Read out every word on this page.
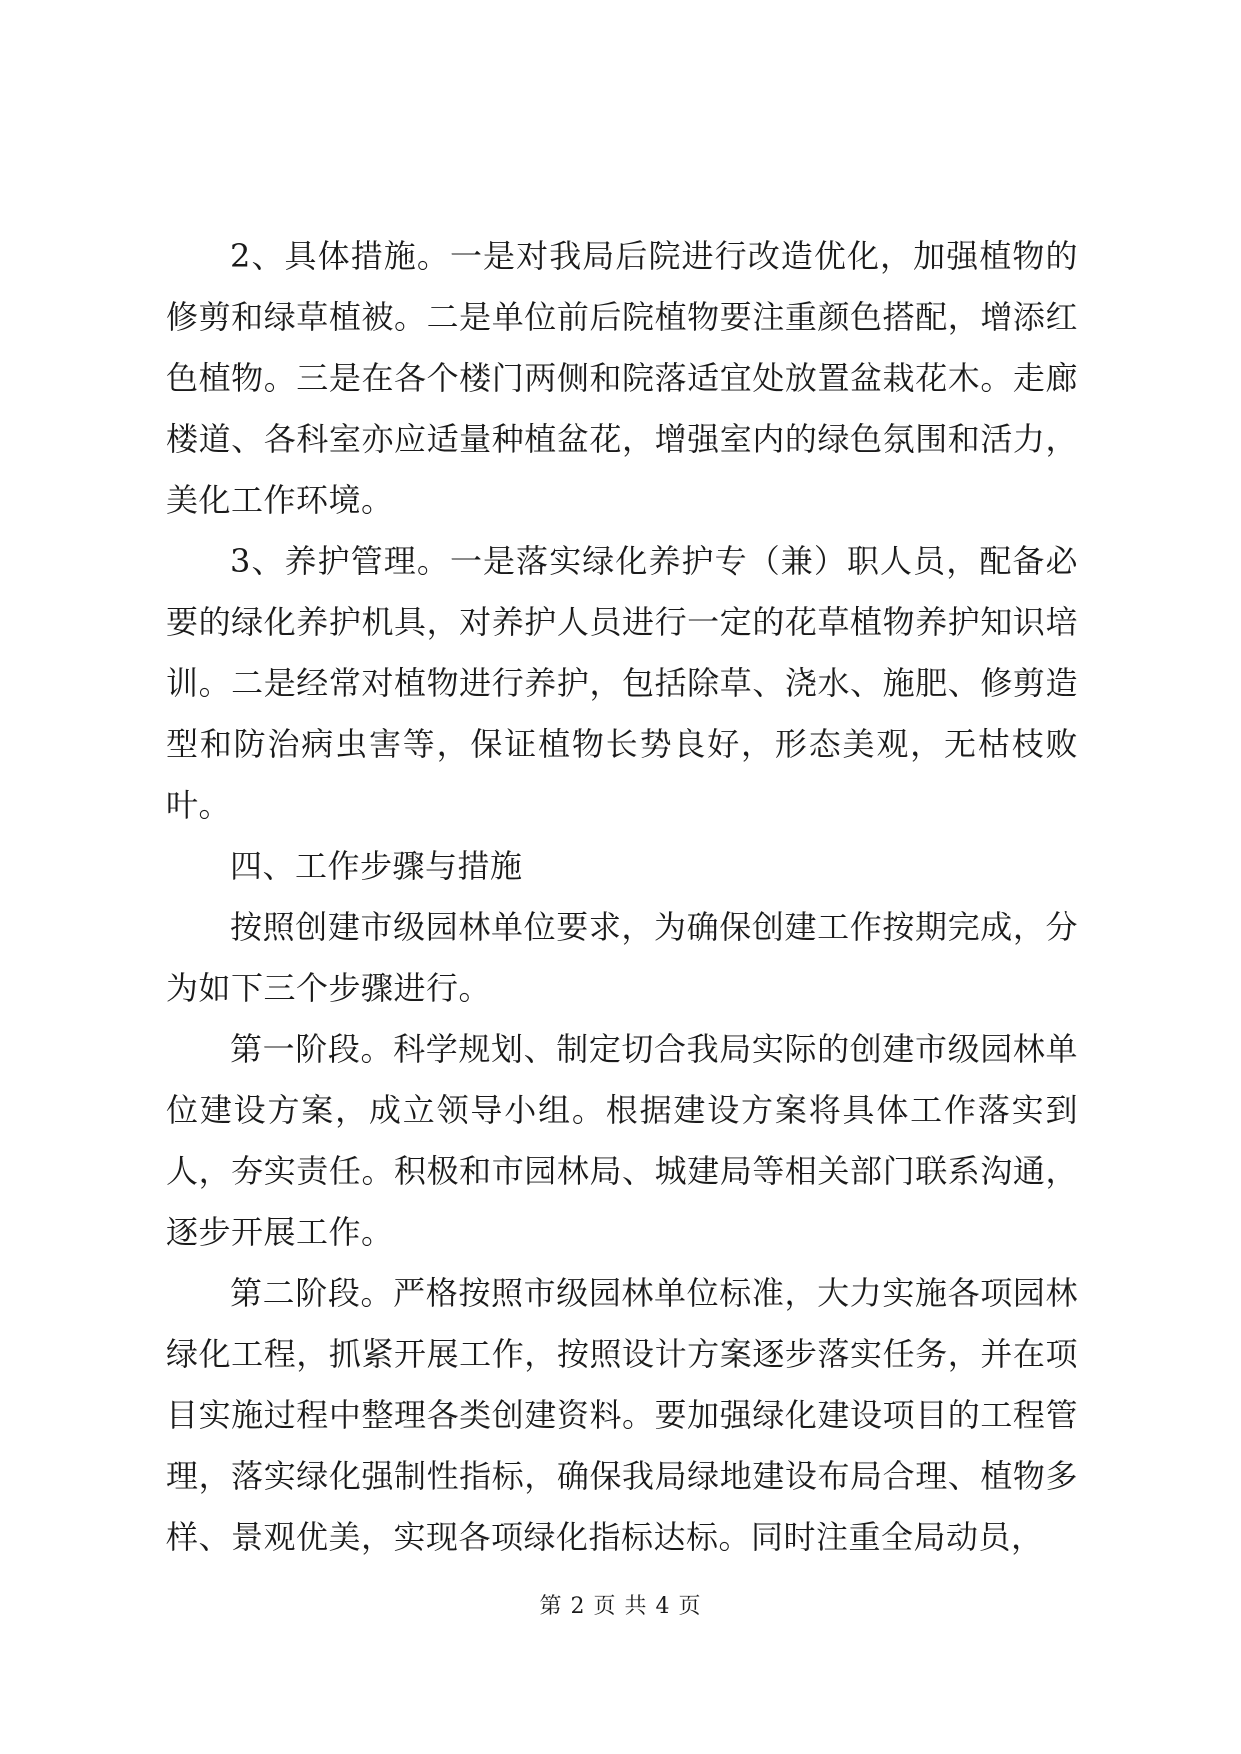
2、具体措施。一是对我局后院进行改造优化，加强植物的修剪和绿草植被。二是单位前后院植物要注重颜色搭配，增添红色植物。三是在各个楼门两侧和院落适宜处放置盆栽花木。走廊楼道、各科室亦应适量种植盆花，增强室内的绿色氛围和活力，美化工作环境。

3、养护管理。一是落实绿化养护专（兼）职人员，配备必要的绿化养护机具，对养护人员进行一定的花草植物养护知识培训。二是经常对植物进行养护，包括除草、浇水、施肥、修剪造型和防治病虫害等，保证植物长势良好，形态美观，无枯枝败叶。

四、工作步骤与措施

按照创建市级园林单位要求，为确保创建工作按期完成，分为如下三个步骤进行。

第一阶段。科学规划、制定切合我局实际的创建市级园林单位建设方案，成立领导小组。根据建设方案将具体工作落实到人，夯实责任。积极和市园林局、城建局等相关部门联系沟通，逐步开展工作。

第二阶段。严格按照市级园林单位标准，大力实施各项园林绿化工程，抓紧开展工作，按照设计方案逐步落实任务，并在项目实施过程中整理各类创建资料。要加强绿化建设项目的工程管理，落实绿化强制性指标，确保我局绿地建设布局合理、植物多样、景观优美，实现各项绿化指标达标。同时注重全局动员，

第 2 页 共 4 页
